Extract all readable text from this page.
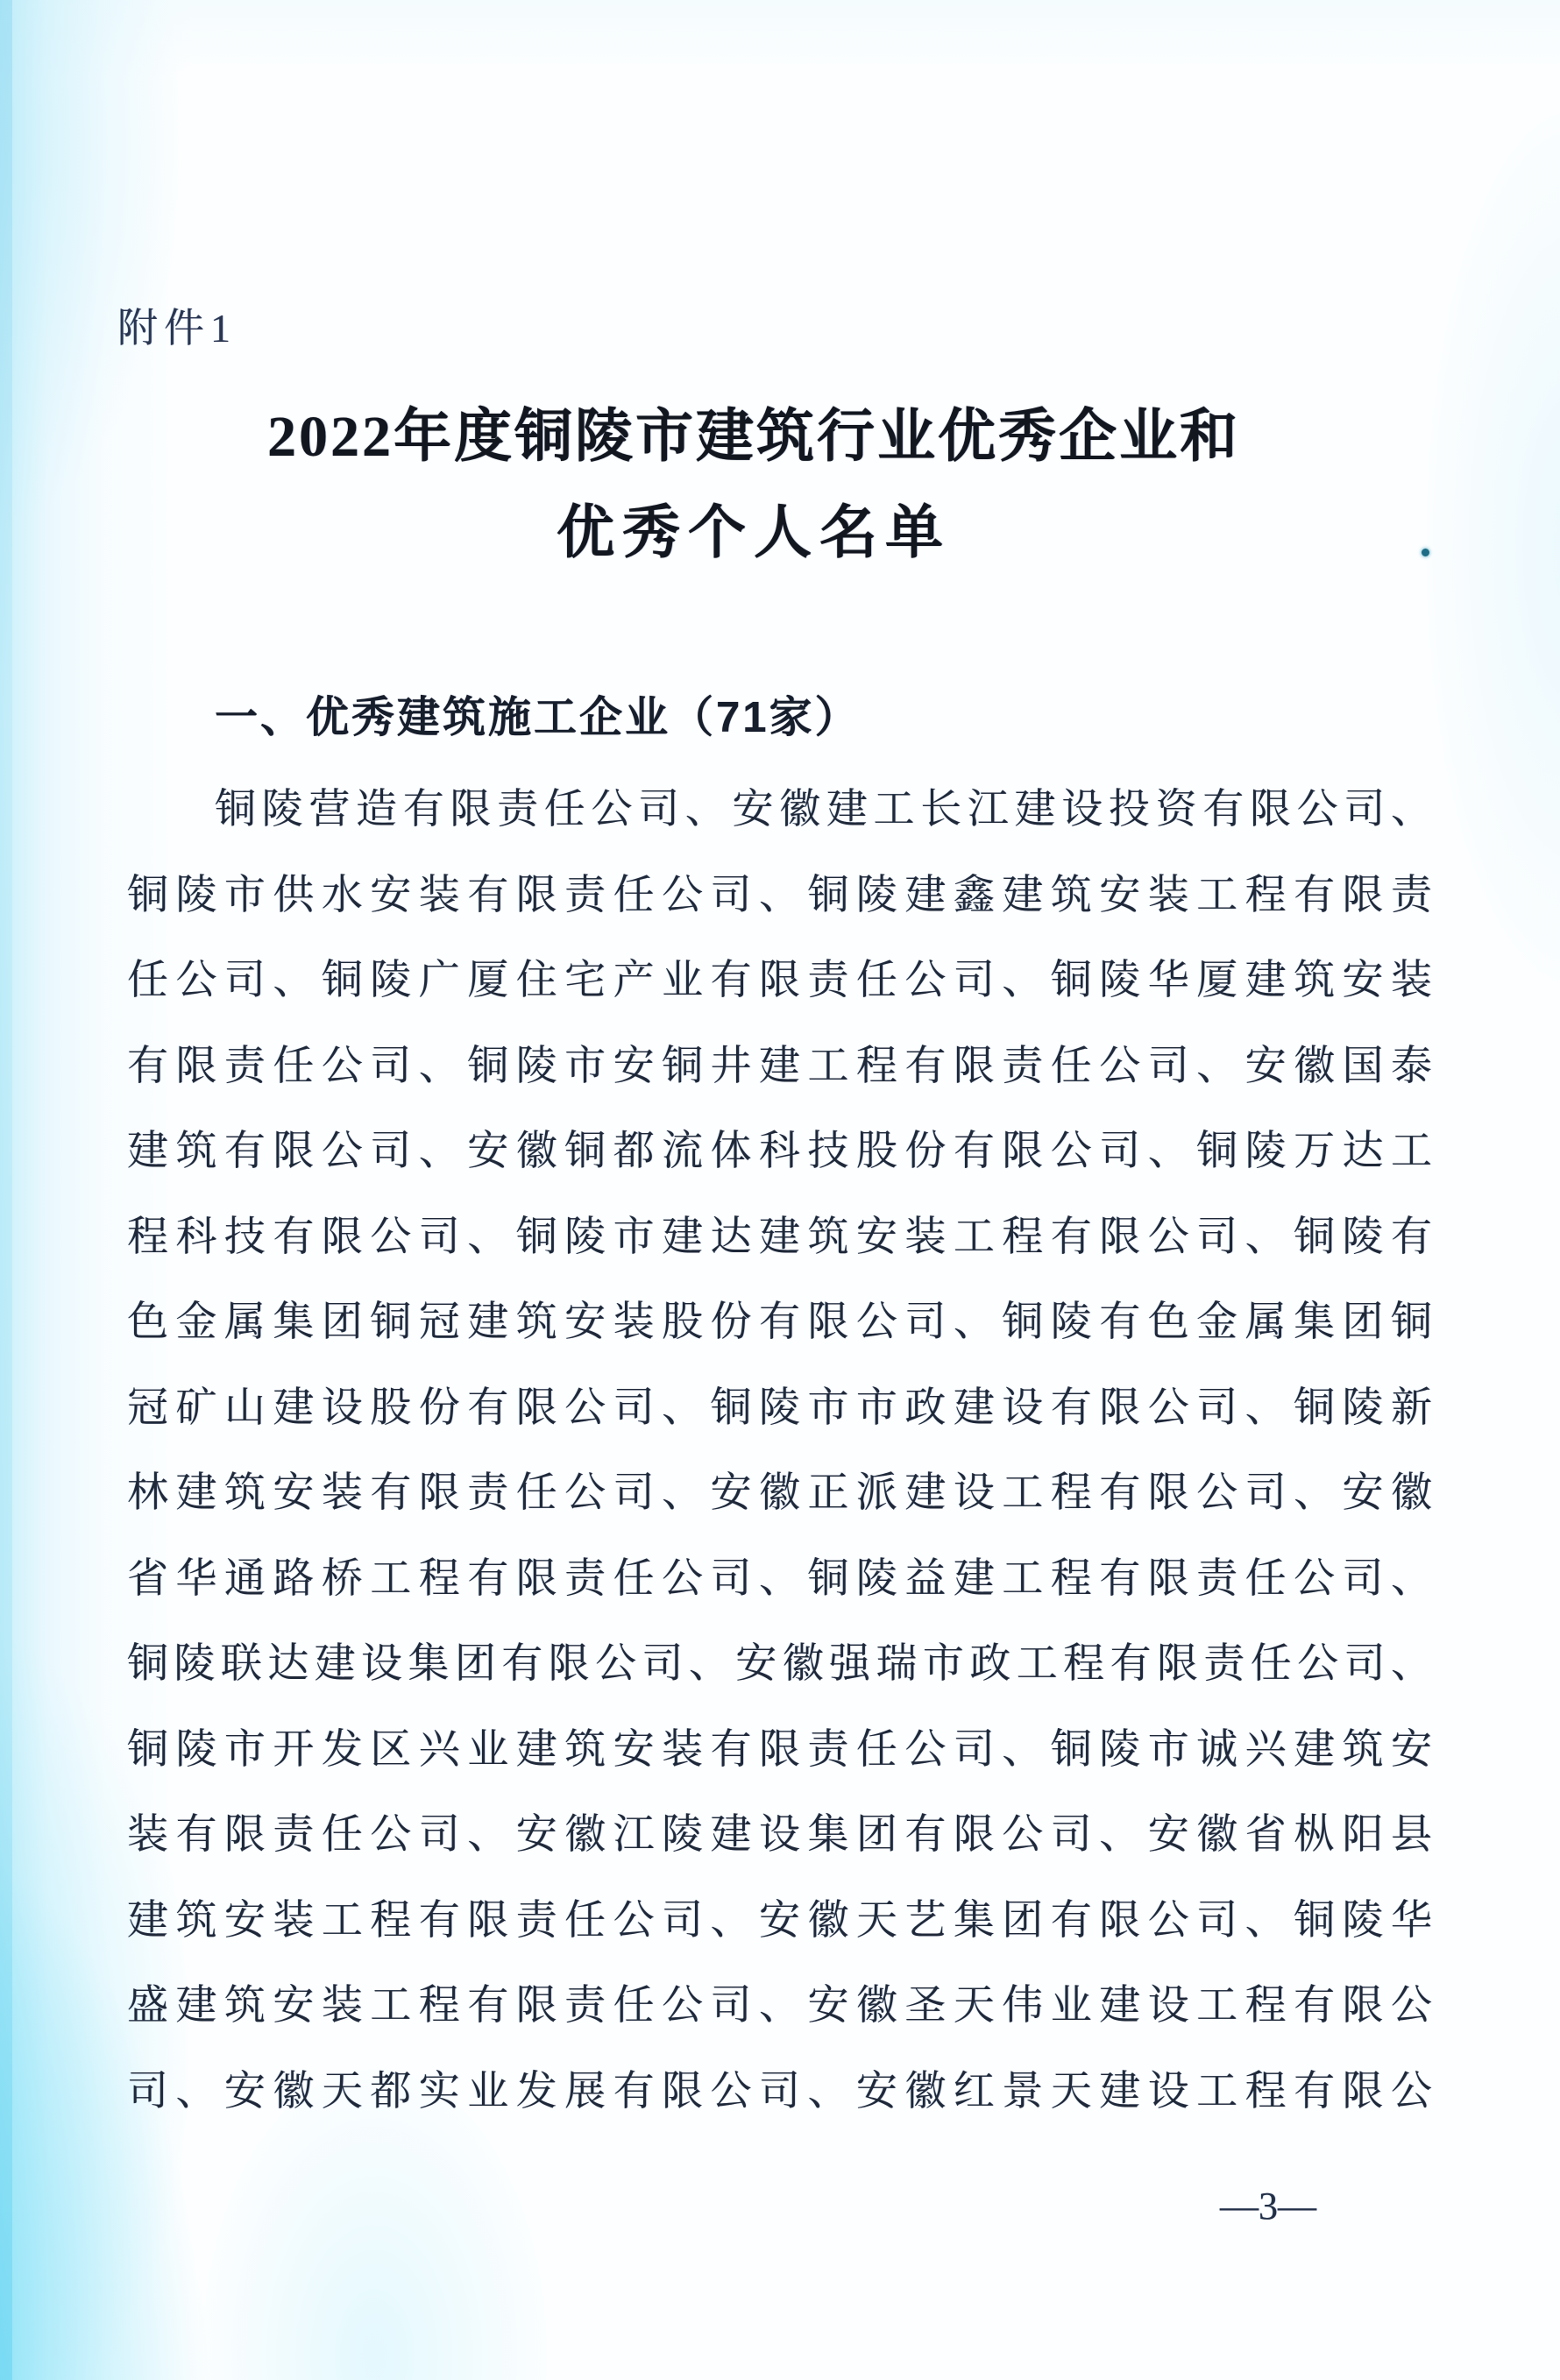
附件1
2022年度铜陵市建筑行业优秀企业和
优秀个人名单
一、优秀建筑施工企业（71家）
铜陵营造有限责任公司、安徽建工长江建设投资有限公司、
铜陵市供水安装有限责任公司、铜陵建鑫建筑安装工程有限责
任公司、铜陵广厦住宅产业有限责任公司、铜陵华厦建筑安装
有限责任公司、铜陵市安铜井建工程有限责任公司、安徽国泰
建筑有限公司、安徽铜都流体科技股份有限公司、铜陵万达工
程科技有限公司、铜陵市建达建筑安装工程有限公司、铜陵有
色金属集团铜冠建筑安装股份有限公司、铜陵有色金属集团铜
冠矿山建设股份有限公司、铜陵市市政建设有限公司、铜陵新
林建筑安装有限责任公司、安徽正派建设工程有限公司、安徽
省华通路桥工程有限责任公司、铜陵益建工程有限责任公司、
铜陵联达建设集团有限公司、安徽强瑞市政工程有限责任公司、
铜陵市开发区兴业建筑安装有限责任公司、铜陵市诚兴建筑安
装有限责任公司、安徽江陵建设集团有限公司、安徽省枞阳县
建筑安装工程有限责任公司、安徽天艺集团有限公司、铜陵华
盛建筑安装工程有限责任公司、安徽圣天伟业建设工程有限公
司、安徽天都实业发展有限公司、安徽红景天建设工程有限公
—3—
